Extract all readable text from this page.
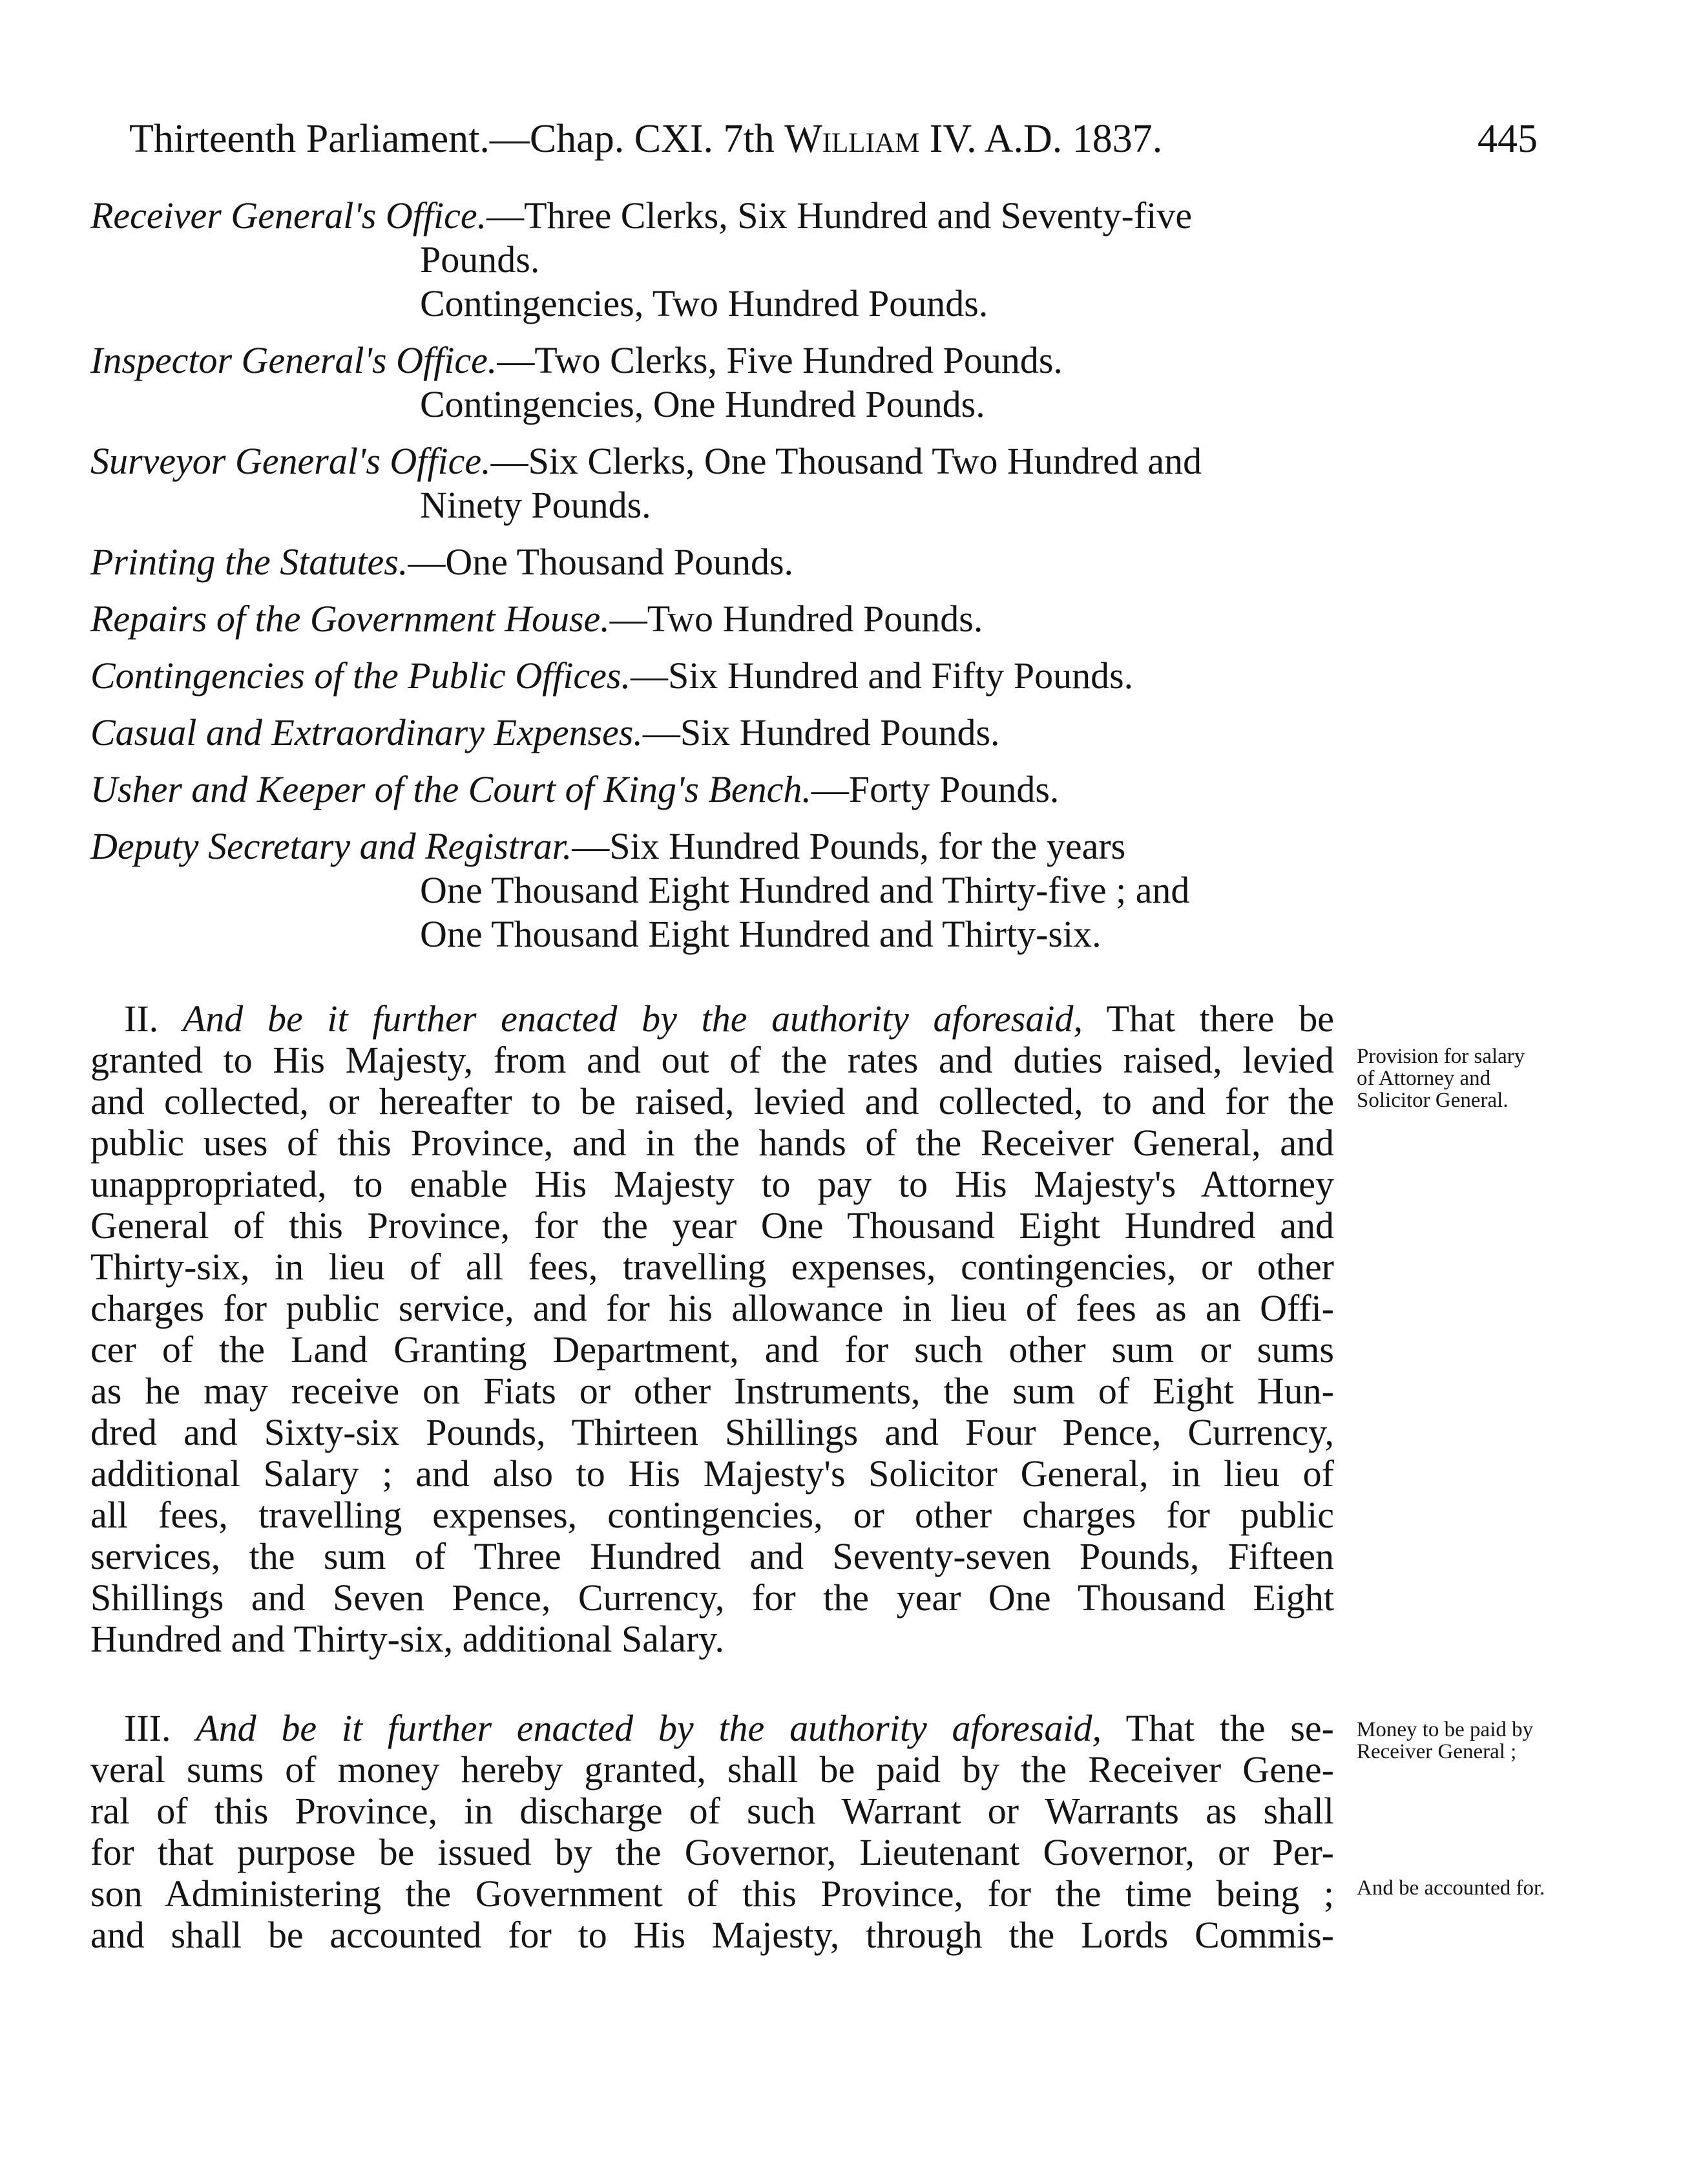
Thirteenth Parliament.—Chap. CXI. 7th William IV. A.D. 1837.	445
Receiver General's Office.—Three Clerks, Six Hundred and Seventy-five
Pounds.
Contingencies, Two Hundred Pounds.
Inspector General's Office.—Two Clerks, Five Hundred Pounds.
Contingencies, One Hundred Pounds.
Surveyor General's Office.—Six Clerks, One Thousand Two Hundred and
Ninety Pounds.
Printing the Statutes.—One Thousand Pounds.
Repairs of the Government House.—Two Hundred Pounds.
Contingencies of the Public Offices.—Six Hundred and Fifty Pounds.
Casual and Extraordinary Expenses.—Six Hundred Pounds.
Usher and Keeper of the Court of King's Bench.—Forty Pounds.
Deputy Secretary and Registrar.—Six Hundred Pounds, for the years
One Thousand Eight Hundred and Thirty-five ; and
One Thousand Eight Hundred and Thirty-six.
II. And be it further enacted by the authority aforesaid, That there be
granted to His Majesty, from and out of the rates and duties raised, levied
and collected, or hereafter to be raised, levied and collected, to and for the
public uses of this Province, and in the hands of the Receiver General, and
unappropriated, to enable His Majesty to pay to His Majesty's Attorney
General of this Province, for the year One Thousand Eight Hundred and
Thirty-six, in lieu of all fees, travelling expenses, contingencies, or other
charges for public service, and for his allowance in lieu of fees as an Offi-
cer of the Land Granting Department, and for such other sum or sums
as he may receive on Fiats or other Instruments, the sum of Eight Hun-
dred and Sixty-six Pounds, Thirteen Shillings and Four Pence, Currency,
additional Salary ; and also to His Majesty's Solicitor General, in lieu of
all fees, travelling expenses, contingencies, or other charges for public
services, the sum of Three Hundred and Seventy-seven Pounds, Fifteen
Shillings and Seven Pence, Currency, for the year One Thousand Eight
Hundred and Thirty-six, additional Salary.
III. And be it further enacted by the authority aforesaid, That the se-
veral sums of money hereby granted, shall be paid by the Receiver Gene-
ral of this Province, in discharge of such Warrant or Warrants as shall
for that purpose be issued by the Governor, Lieutenant Governor, or Per-
son Administering the Government of this Province, for the time being ;
and shall be accounted for to His Majesty, through the Lords Commis-
Provision for salary
of Attorney and
Solicitor General.
Money to be paid by
Receiver General ;
And be accounted for.
